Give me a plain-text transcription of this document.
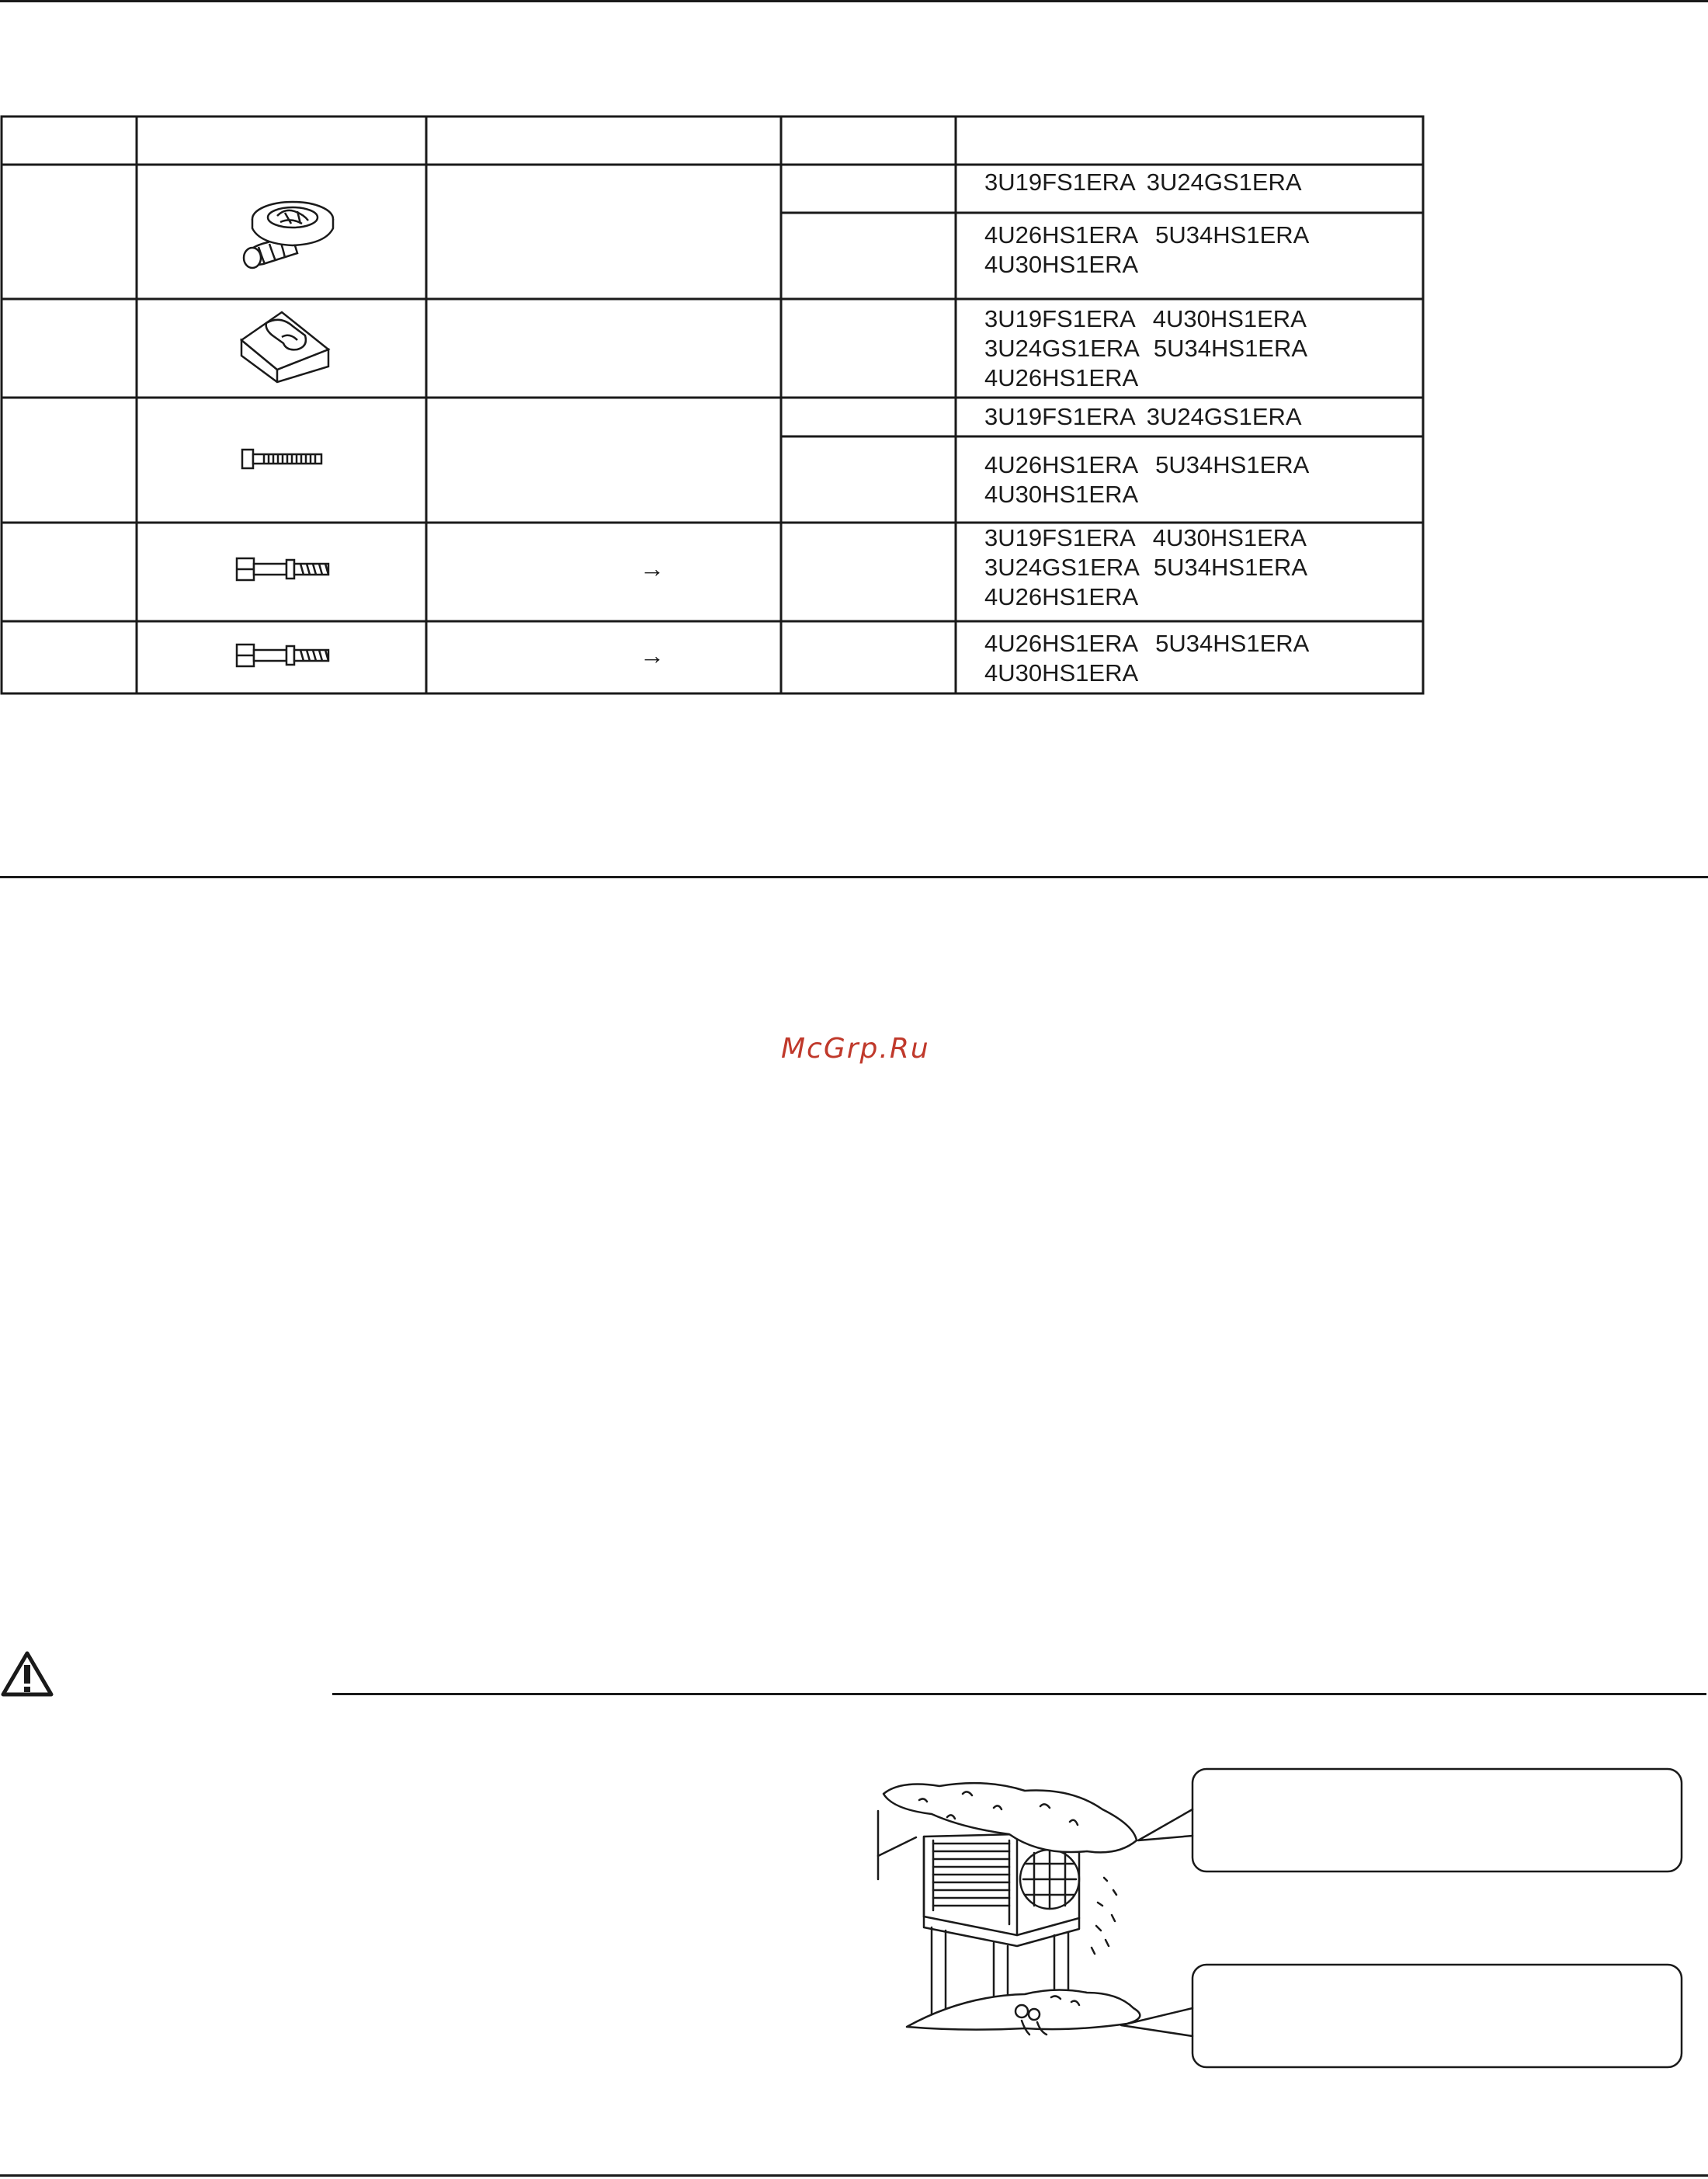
3U19FS1ERA 3U24GS1ERA
4U26HS1ERA 5U34HS1ERA
4U30HS1ERA
3U19FS1ERA 4U30HS1ERA
3U24GS1ERA 5U34HS1ERA
4U26HS1ERA
3U19FS1ERA 3U24GS1ERA
4U26HS1ERA 5U34HS1ERA
4U30HS1ERA
→
3U19FS1ERA 4U30HS1ERA
3U24GS1ERA 5U34HS1ERA
4U26HS1ERA
→	4U26HS1ERA 5U34HS1ERA
4U30HS1ERA
McGrp.Ru
